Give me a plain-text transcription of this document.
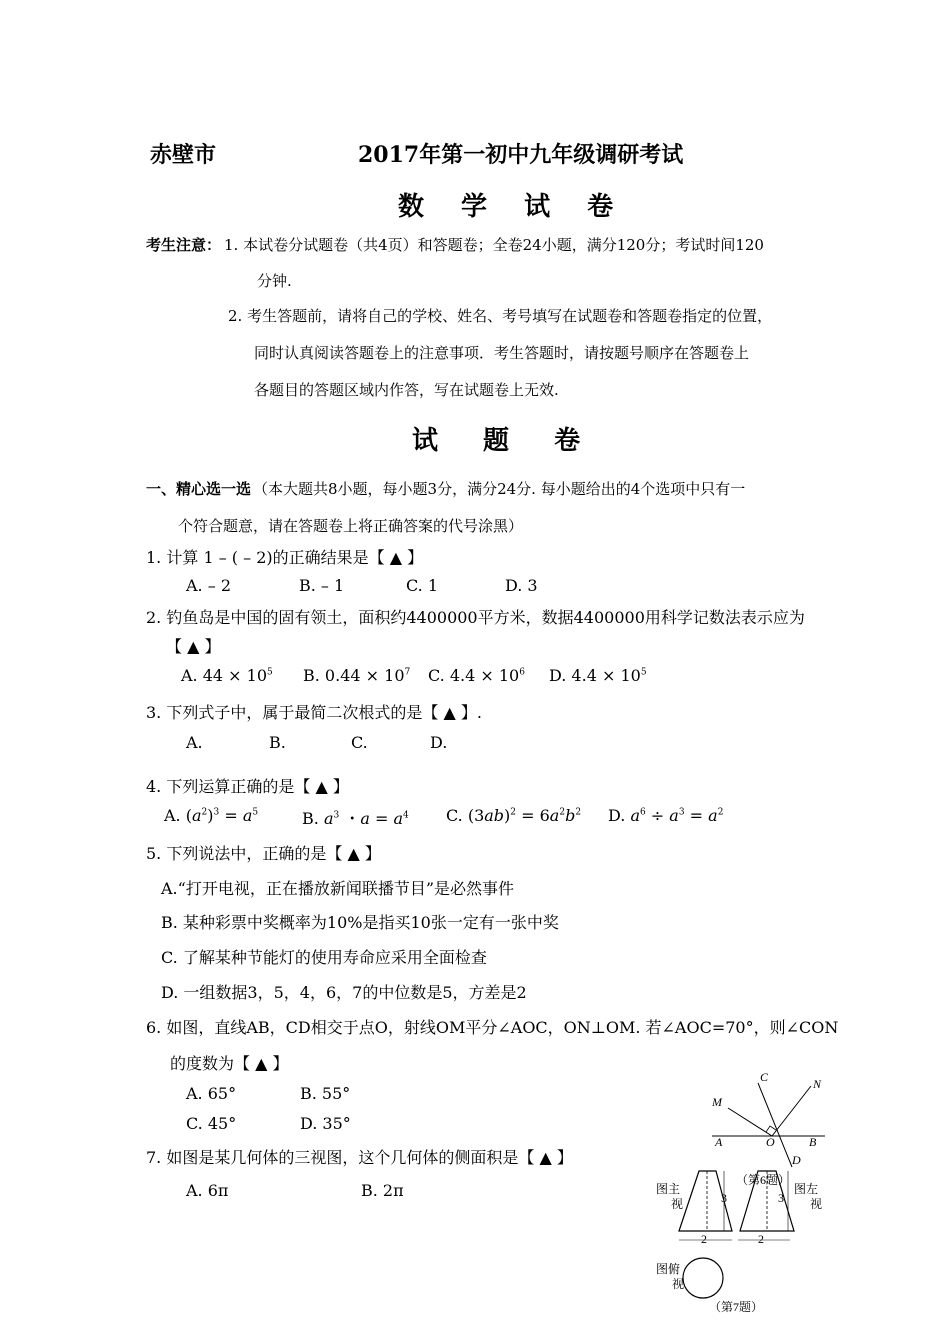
赤壁市	2017年第一初中九年级调研考试
数 学 试 卷
考生注意： 1. 本试卷分试题卷（共4页）和答题卷；全卷24小题，满分120分；考试时间120
分钟.
2. 考生答题前，请将自己的学校、姓名、考号填写在试题卷和答题卷指定的位置，
同时认真阅读答题卷上的注意事项．考生答题时，请按题号顺序在答题卷上
各题目的答题区域内作答，写在试题卷上无效.
试 题 卷
一、精心选一选 （本大题共8小题，每小题3分，满分24分. 每小题给出的4个选项中只有一
个符合题意，请在答题卷上将正确答案的代号涂黑）
1. 计算 1 – ( – 2)的正确结果是【 ▲ 】
A. – 2	B. – 1	C. 1	D. 3
2. 钓鱼岛是中国的固有领土，面积约4400000平方米，数据4400000用科学记数法表示应为
【 ▲ 】
A. $44 \times 10^5$ B. $0.44 \times 10^7$ C. $4.4 \times 10^6$ D. $4.4 \times 10^5$
3. 下列式子中，属于最简二次根式的是【 ▲ 】.
A.	B.	C.	D.
4. 下列运算正确的是【 ▲ 】
A. $(a^2)^3 = a^5$	B. $a^3$ ・$a = a^4$ C. $(3ab)^2 = 6a^2b^2$ D. $a^6 \div a^3 = a^2$
5. 下列说法中，正确的是【 ▲ 】
A.“打开电视，正在播放新闻联播节目”是必然事件
B. 某种彩票中奖概率为10%是指买10张一定有一张中奖
C. 了解某种节能灯的使用寿命应采用全面检查
D. 一组数据3，5，4，6，7的中位数是5，方差是2
6. 如图，直线AB，CD相交于点O，射线OM平分∠AOC，ON⊥OM. 若∠AOC=70°，则∠CON
的度数为【 ▲ 】
A. 65°	B. 55°
C. 45°	D. 35°
7. 如图是某几何体的三视图，这个几何体的侧面积是【 ▲ 】
A. 6π	B. 2π
M
C	N
A	O	B
D
（第6题）
3
2
图主
视	3
2
图左
视
图俯
视
（第7题）
